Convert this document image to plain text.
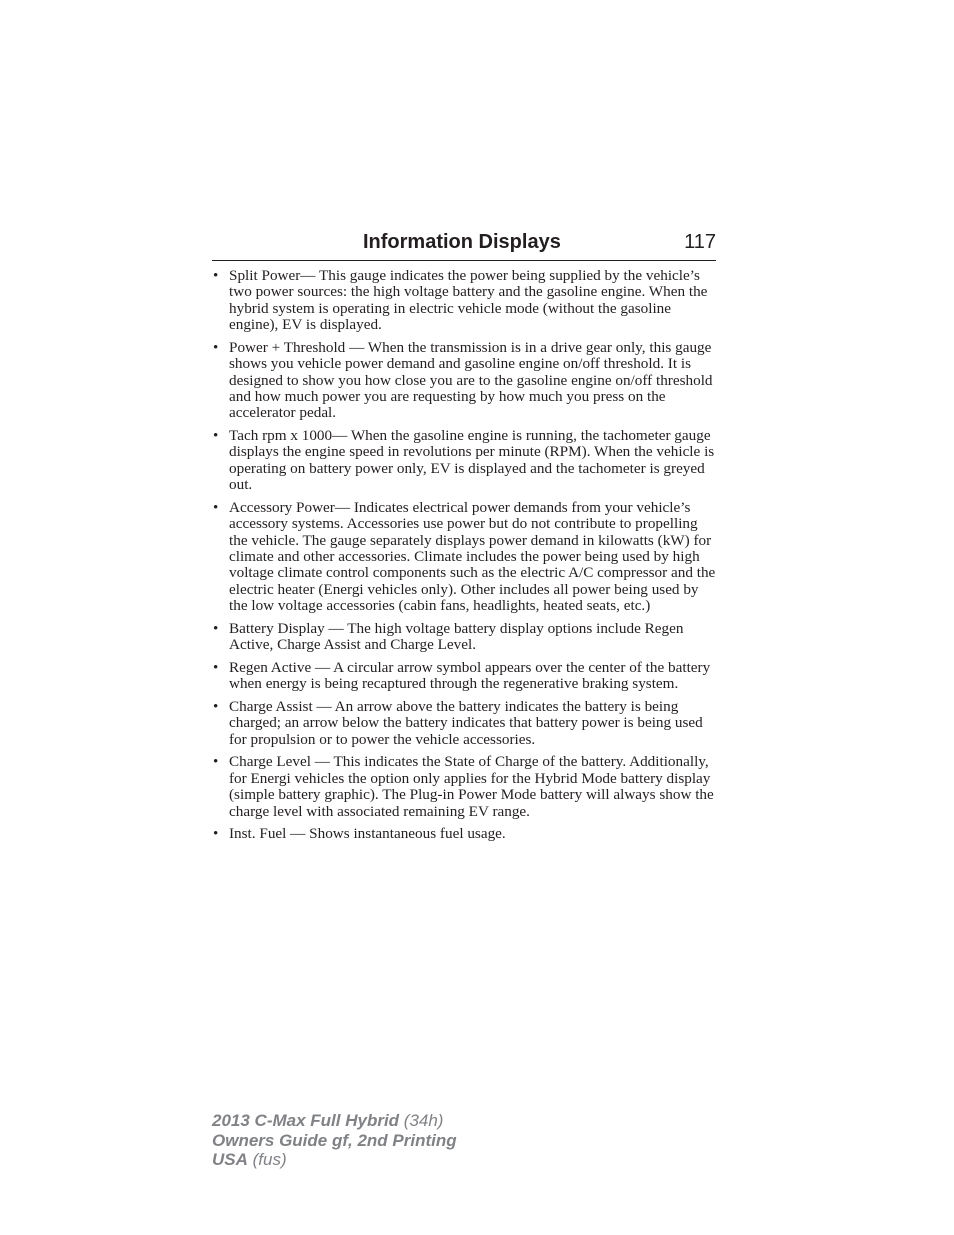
Information Displays	117
• Split Power— This gauge indicates the power being supplied by the vehicle’s two power sources: the high voltage battery and the gasoline engine. When the hybrid system is operating in electric vehicle mode (without the gasoline engine), EV is displayed.
• Power + Threshold — When the transmission is in a drive gear only, this gauge shows you vehicle power demand and gasoline engine on/off threshold. It is designed to show you how close you are to the gasoline engine on/off threshold and how much power you are requesting by how much you press on the accelerator pedal.
• Tach rpm x 1000— When the gasoline engine is running, the tachometer gauge displays the engine speed in revolutions per minute (RPM). When the vehicle is operating on battery power only, EV is displayed and the tachometer is greyed out.
• Accessory Power— Indicates electrical power demands from your vehicle’s accessory systems. Accessories use power but do not contribute to propelling the vehicle. The gauge separately displays power demand in kilowatts (kW) for climate and other accessories. Climate includes the power being used by high voltage climate control components such as the electric A/C compressor and the electric heater (Energi vehicles only). Other includes all power being used by the low voltage accessories (cabin fans, headlights, heated seats, etc.)
• Battery Display — The high voltage battery display options include Regen Active, Charge Assist and Charge Level.
• Regen Active — A circular arrow symbol appears over the center of the battery when energy is being recaptured through the regenerative braking system.
• Charge Assist — An arrow above the battery indicates the battery is being charged; an arrow below the battery indicates that battery power is being used for propulsion or to power the vehicle accessories.
• Charge Level — This indicates the State of Charge of the battery. Additionally, for Energi vehicles the option only applies for the Hybrid Mode battery display (simple battery graphic). The Plug-in Power Mode battery will always show the charge level with associated remaining EV range.
• Inst. Fuel — Shows instantaneous fuel usage.
2013 C-Max Full Hybrid (34h)
Owners Guide gf, 2nd Printing
USA (fus)
